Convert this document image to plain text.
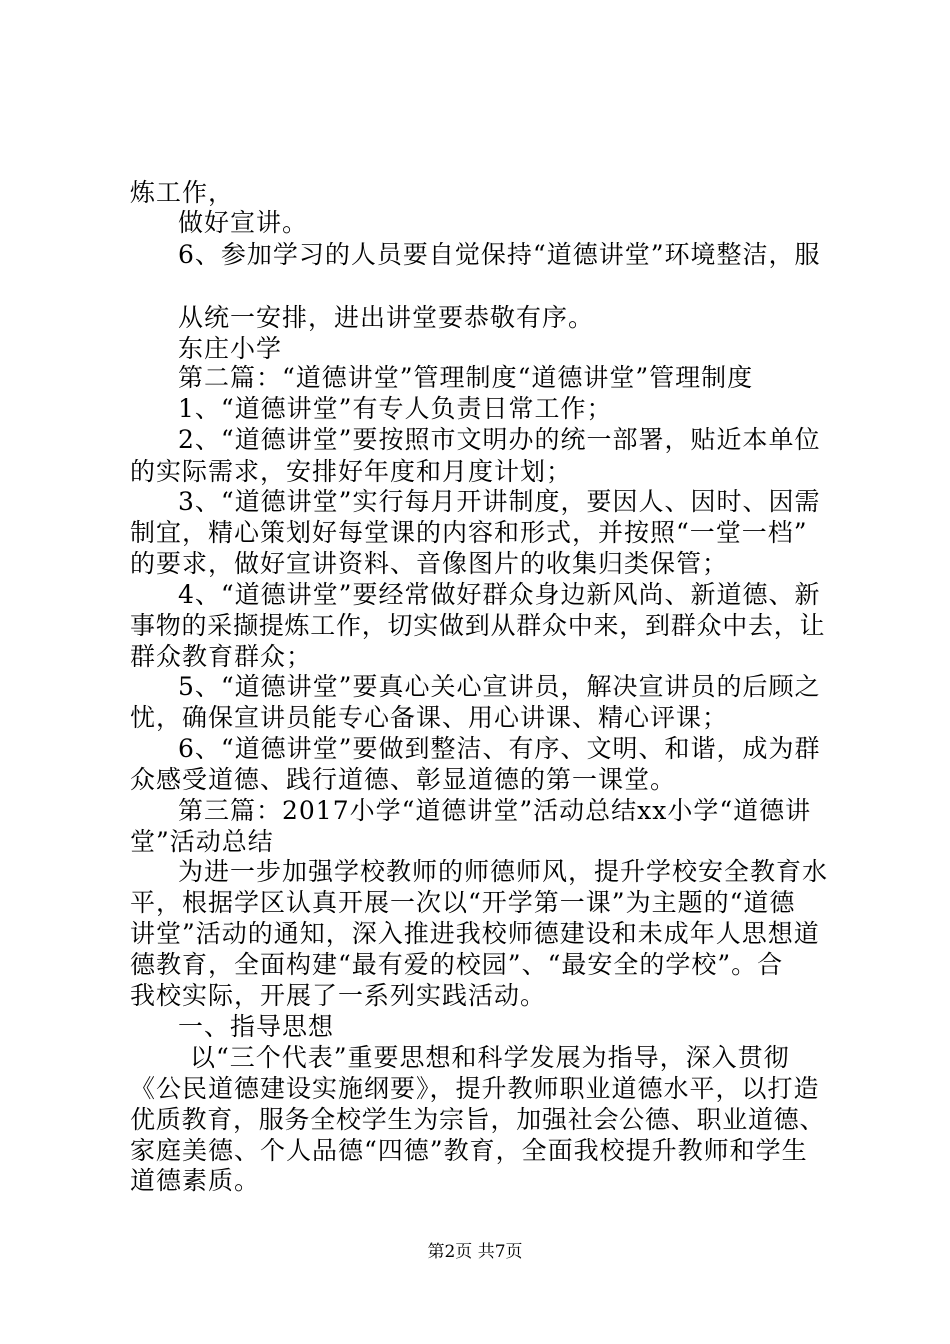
炼工作，
做好宣讲。
6、参加学习的人员要自觉保持“道德讲堂”环境整洁，服
从统一安排，进出讲堂要恭敬有序。
东庄小学
第二篇：“道德讲堂”管理制度“道德讲堂”管理制度
1、“道德讲堂”有专人负责日常工作；
2、“道德讲堂”要按照市文明办的统一部署，贴近本单位
的实际需求，安排好年度和月度计划；
3、“道德讲堂”实行每月开讲制度，要因人、因时、因需
制宜，精心策划好每堂课的内容和形式，并按照“一堂一档”
的要求，做好宣讲资料、音像图片的收集归类保管；
4、“道德讲堂”要经常做好群众身边新风尚、新道德、新
事物的采撷提炼工作，切实做到从群众中来，到群众中去，让
群众教育群众；
5、“道德讲堂”要真心关心宣讲员，解决宣讲员的后顾之
忧，确保宣讲员能专心备课、用心讲课、精心评课；
6、“道德讲堂”要做到整洁、有序、文明、和谐，成为群
众感受道德、践行道德、彰显道德的第一课堂。
第三篇：2017小学“道德讲堂”活动总结xx小学“道德讲
堂”活动总结
为进一步加强学校教师的师德师风，提升学校安全教育水
平，根据学区认真开展一次以“开学第一课”为主题的“道德
讲堂”活动的通知，深入推进我校师德建设和未成年人思想道
德教育，全面构建“最有爱的校园”、“最安全的学校”。合
我校实际，开展了一系列实践活动。
一、指导思想
以“三个代表”重要思想和科学发展为指导，深入贯彻
《公民道德建设实施纲要》，提升教师职业道德水平，以打造
优质教育，服务全校学生为宗旨，加强社会公德、职业道德、
家庭美德、个人品德“四德”教育，全面我校提升教师和学生
道德素质。
第2页 共7页
